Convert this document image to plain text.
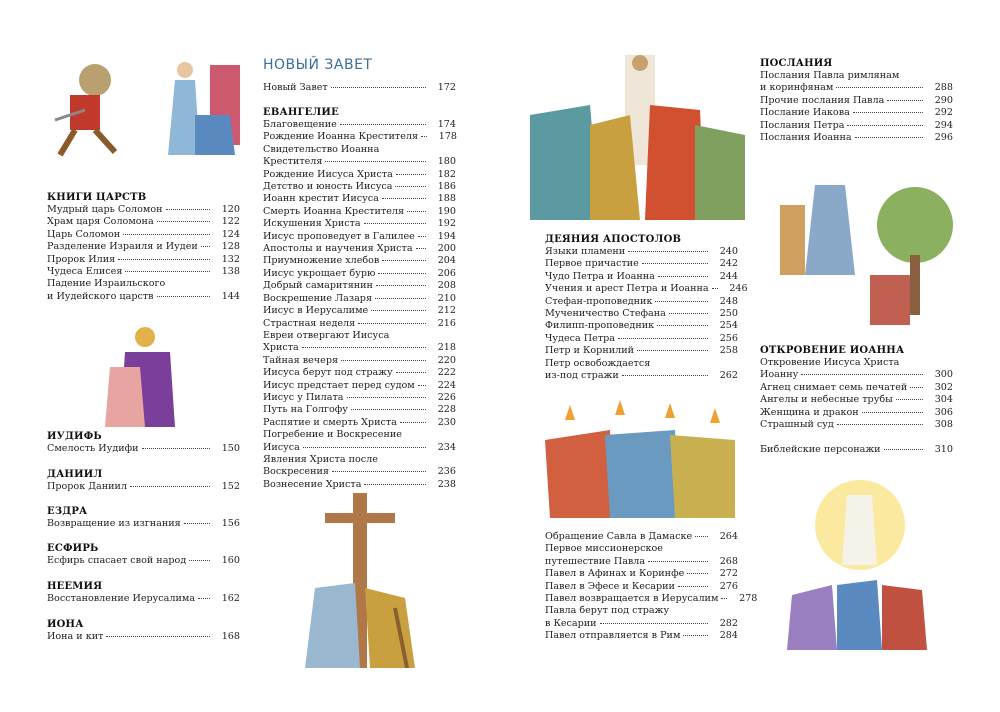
КНИГИ ЦАРСТВ
Мудрый царь Соломон	120
Храм царя Соломона	122
Царь Соломон	124
Разделение Израиля и Иудеи	128
Пророк Илия	132
Чудеса Елисея	138
Падение Израильского
и Иудейского царств	144
ИУДИФЬ
Смелость Иудифи	150
ДАНИИЛ
Пророк Даниил	152
ЕЗДРА
Возвращение из изгнания	156
ЕСФИРЬ
Есфирь спасает свой народ	160
НЕЕМИЯ
Восстановление Иерусалима	162
ИОНА
Иона и кит	168
НОВЫЙ ЗАВЕТ
Новый Завет	172
ЕВАНГЕЛИЕ
Благовещение	174
Рождение Иоанна Крестителя	178
Свидетельство Иоанна
Крестителя	180
Рождение Иисуса Христа	182
Детство и юность Иисуса	186
Иоанн крестит Иисуса	188
Смерть Иоанна Крестителя	190
Искушения Христа	192
Иисус проповедует в Галилее	194
Апостолы и научения Христа	200
Приумножение хлебов	204
Иисус укрощает бурю	206
Добрый самаритянин	208
Воскрешение Лазаря	210
Иисус в Иерусалиме	212
Страстная неделя	216
Евреи отвергают Иисуса
Христа	218
Тайная вечеря	220
Иисуса берут под стражу	222
Иисус предстает перед судом	224
Иисус у Пилата	226
Путь на Голгофу	228
Распятие и смерть Христа	230
Погребение и Воскресение
Иисуса	234
Явления Христа после
Воскресения	236
Вознесение Христа	238
ДЕЯНИЯ АПОСТОЛОВ
Языки пламени	240
Первое причастие	242
Чудо Петра и Иоанна	244
Учения и арест Петра и Иоанна	246
Стефан-проповедник	248
Мученичество Стефана	250
Филипп-проповедник	254
Чудеса Петра	256
Петр и Корнилий	258
Петр освобождается
из-под стражи	262
Обращение Савла в Дамаске	264
Первое миссионерское
путешествие Павла	268
Павел в Афинах и Коринфе	272
Павел в Эфесе и Кесарии	276
Павел возвращается в Иерусалим	278
Павла берут под стражу
в Кесарии	282
Павел отправляется в Рим	284
ПОСЛАНИЯ
Послания Павла римлянам
и коринфянам	288
Прочие послания Павла	290
Послание Иакова	292
Послания Петра	294
Послания Иоанна	296
ОТКРОВЕНИЕ ИОАННА
Откровение Иисуса Христа
Иоанну	300
Агнец снимает семь печатей	302
Ангелы и небесные трубы	304
Женщина и дракон	306
Страшный суд	308
Библейские персонажи	310
